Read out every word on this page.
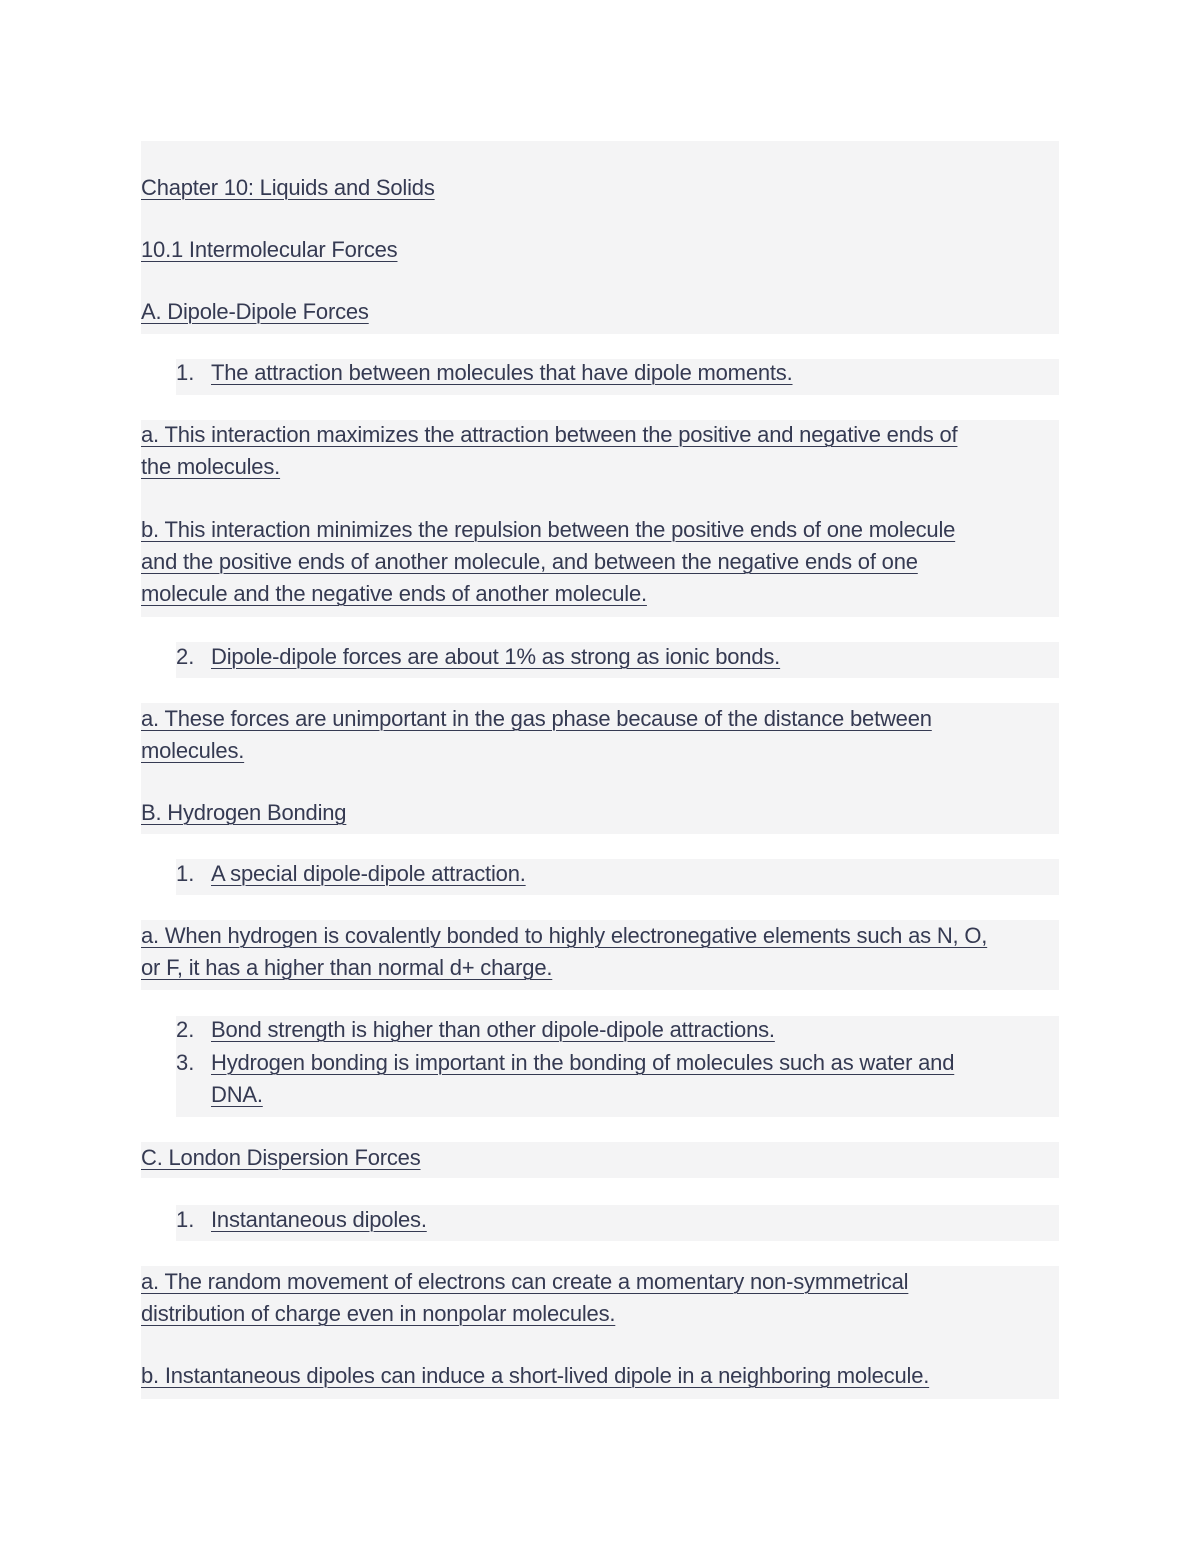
Chapter 10: Liquids and Solids
10.1 Intermolecular Forces
A. Dipole-Dipole Forces
1. The attraction between molecules that have dipole moments.
a. This interaction maximizes the attraction between the positive and negative ends of
the molecules.
b. This interaction minimizes the repulsion between the positive ends of one molecule
and the positive ends of another molecule, and between the negative ends of one
molecule and the negative ends of another molecule.
2. Dipole-dipole forces are about 1% as strong as ionic bonds.
a. These forces are unimportant in the gas phase because of the distance between
molecules.
B. Hydrogen Bonding
1. A special dipole-dipole attraction.
a. When hydrogen is covalently bonded to highly electronegative elements such as N, O,
or F, it has a higher than normal d+ charge.
2. Bond strength is higher than other dipole-dipole attractions.
3. Hydrogen bonding is important in the bonding of molecules such as water and
DNA.
C. London Dispersion Forces
1. Instantaneous dipoles.
a. The random movement of electrons can create a momentary non-symmetrical
distribution of charge even in nonpolar molecules.
b. Instantaneous dipoles can induce a short-lived dipole in a neighboring molecule.
